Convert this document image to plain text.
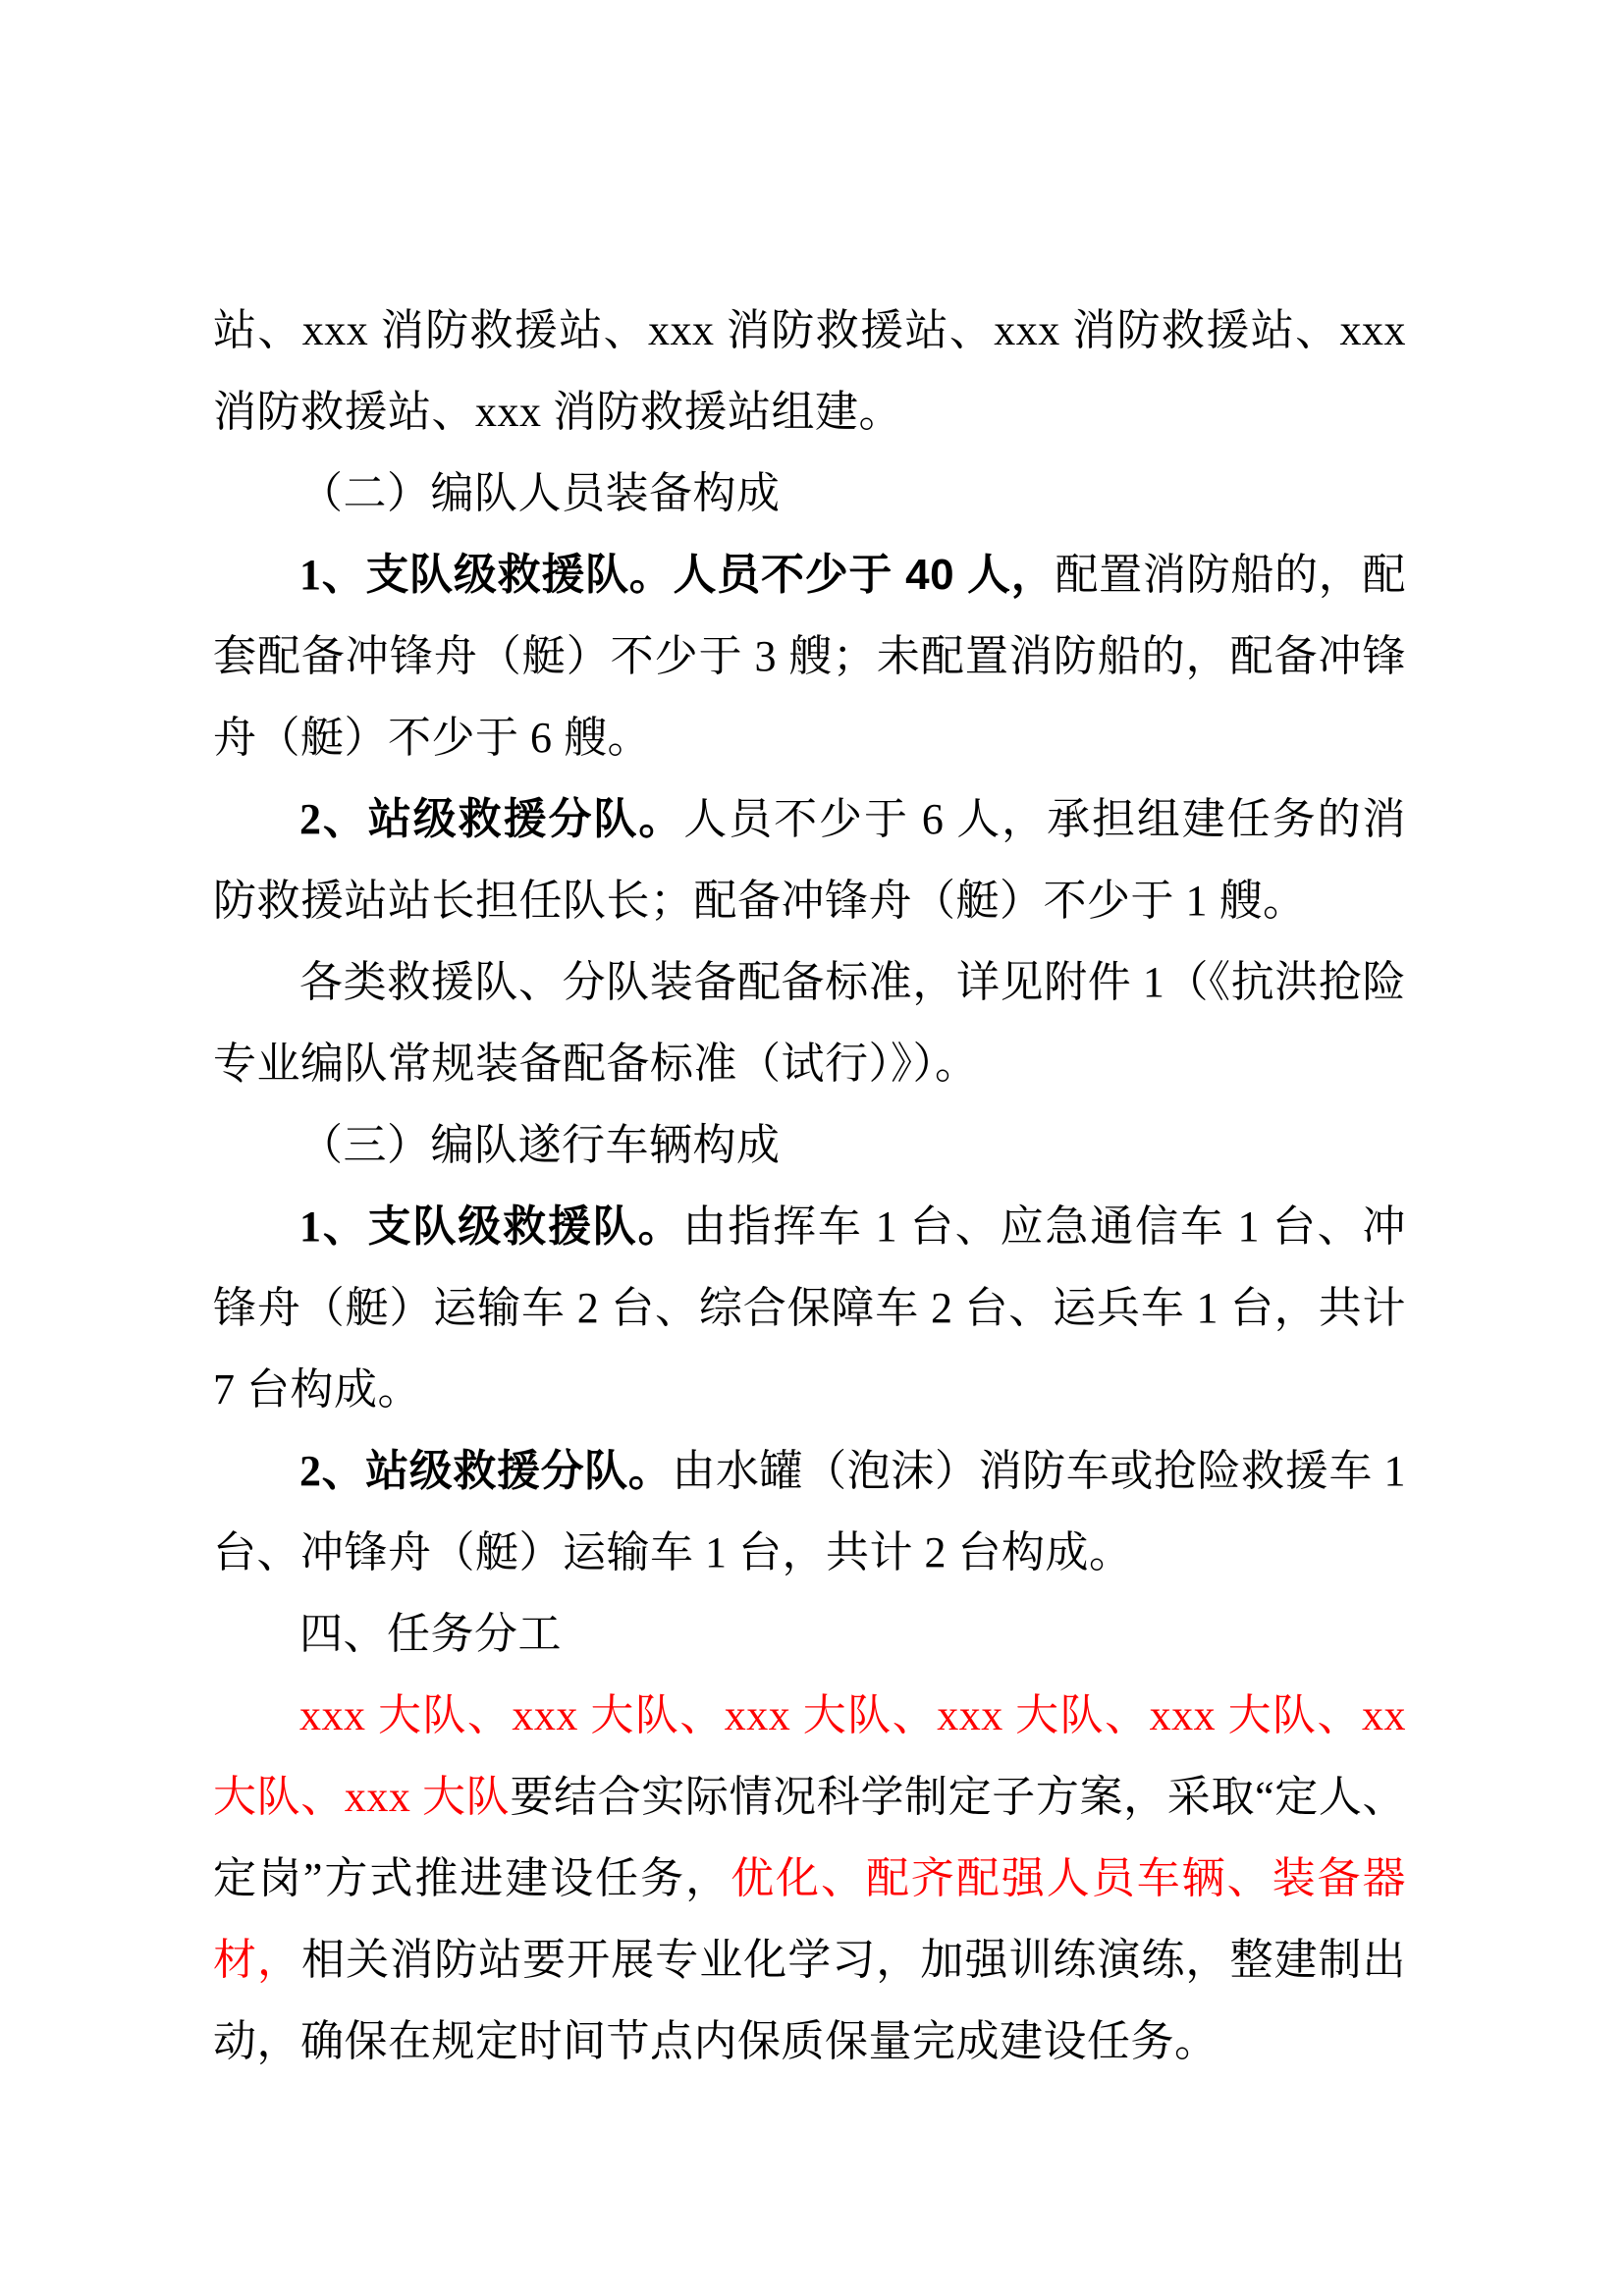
站、xxx 消防救援站、xxx 消防救援站、xxx 消防救援站、xxx 消防救援站、xxx 消防救援站组建。

（二）编队人员装备构成

1、支队级救援队。人员不少于 40 人，配置消防船的，配套配备冲锋舟（艇）不少于 3 艘；未配置消防船的，配备冲锋舟（艇）不少于 6 艘。

2、站级救援分队。人员不少于 6 人，承担组建任务的消防救援站站长担任队长；配备冲锋舟（艇）不少于 1 艘。

各类救援队、分队装备配备标准，详见附件 1（《抗洪抢险专业编队常规装备配备标准（试行）》）。

（三）编队遂行车辆构成

1、支队级救援队。由指挥车 1 台、应急通信车 1 台、冲锋舟（艇）运输车 2 台、综合保障车 2 台、运兵车 1 台，共计 7 台构成。

2、站级救援分队。由水罐（泡沫）消防车或抢险救援车 1 台、冲锋舟（艇）运输车 1 台，共计 2 台构成。

四、任务分工

xxx 大队、xxx 大队、xxx 大队、xxx 大队、xxx 大队、xx 大队、xxx 大队要结合实际情况科学制定子方案，采取“定人、定岗”方式推进建设任务，优化、配齐配强人员车辆、装备器材，相关消防站要开展专业化学习，加强训练演练，整建制出动，确保在规定时间节点内保质保量完成建设任务。
